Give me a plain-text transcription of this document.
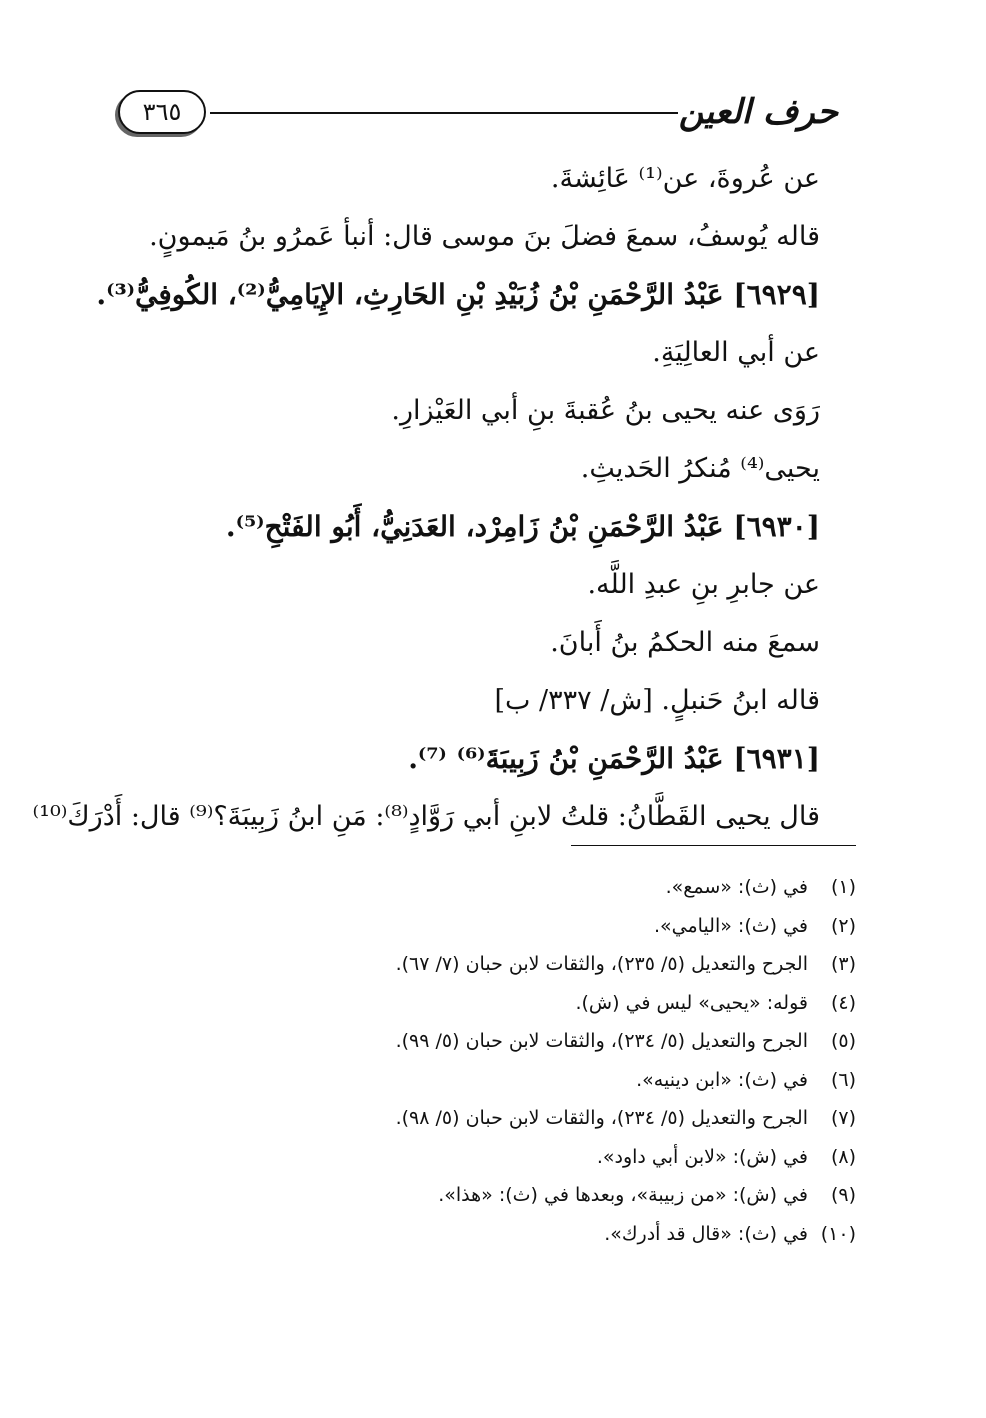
حرف العين
٣٦٥
عن عُروةَ، عن⁽¹⁾ عَائِشةَ.
قاله يُوسفُ، سمعَ فضلَ بنَ موسى قال: أنبأ عَمرُو بنُ مَيمونٍ.
[٦٩٢٩] عَبْدُ الرَّحْمَنِ بْنُ زُبَيْدِ بْنِ الحَارِثِ، الإِيَامِيُّ⁽²⁾، الكُوفِيُّ⁽³⁾.
عن أبي العالِيَةِ.
رَوَى عنه يحيى بنُ عُقبةَ بنِ أبي العَيْزارِ.
يحيى⁽⁴⁾ مُنكرُ الحَديثِ.
[٦٩٣٠] عَبْدُ الرَّحْمَنِ بْنُ زَامِرْد، العَدَنِيُّ، أَبُو الفَتْحِ⁽⁵⁾.
عن جابرِ بنِ عبدِ اللَّه.
سمعَ منه الحكمُ بنُ أَبانَ.
قاله ابنُ حَنبلٍ. [ش/ ٣٣٧/ ب]
[٦٩٣١] عَبْدُ الرَّحْمَنِ بْنُ زَبِيبَةَ⁽⁶⁾ ⁽⁷⁾.
قال يحيى القَطَّانُ: قلتُ لابنِ أبي رَوَّادٍ⁽⁸⁾: مَنِ ابنُ زَبِيبَةَ؟⁽⁹⁾ قال: أَدْرَكَ⁽¹⁰⁾
(١)في (ث): «سمع».
(٢)في (ث): «اليامي».
(٣)الجرح والتعديل (٥/ ٢٣٥)، والثقات لابن حبان (٧/ ٦٧).
(٤)قوله: «يحيى» ليس في (ش).
(٥)الجرح والتعديل (٥/ ٢٣٤)، والثقات لابن حبان (٥/ ٩٩).
(٦)في (ث): «ابن دينيه».
(٧)الجرح والتعديل (٥/ ٢٣٤)، والثقات لابن حبان (٥/ ٩٨).
(٨)في (ش): «لابن أبي داود».
(٩)في (ش): «من زبيبة»، وبعدها في (ث): «هذا».
(١٠)في (ث): «قال قد أدرك».
